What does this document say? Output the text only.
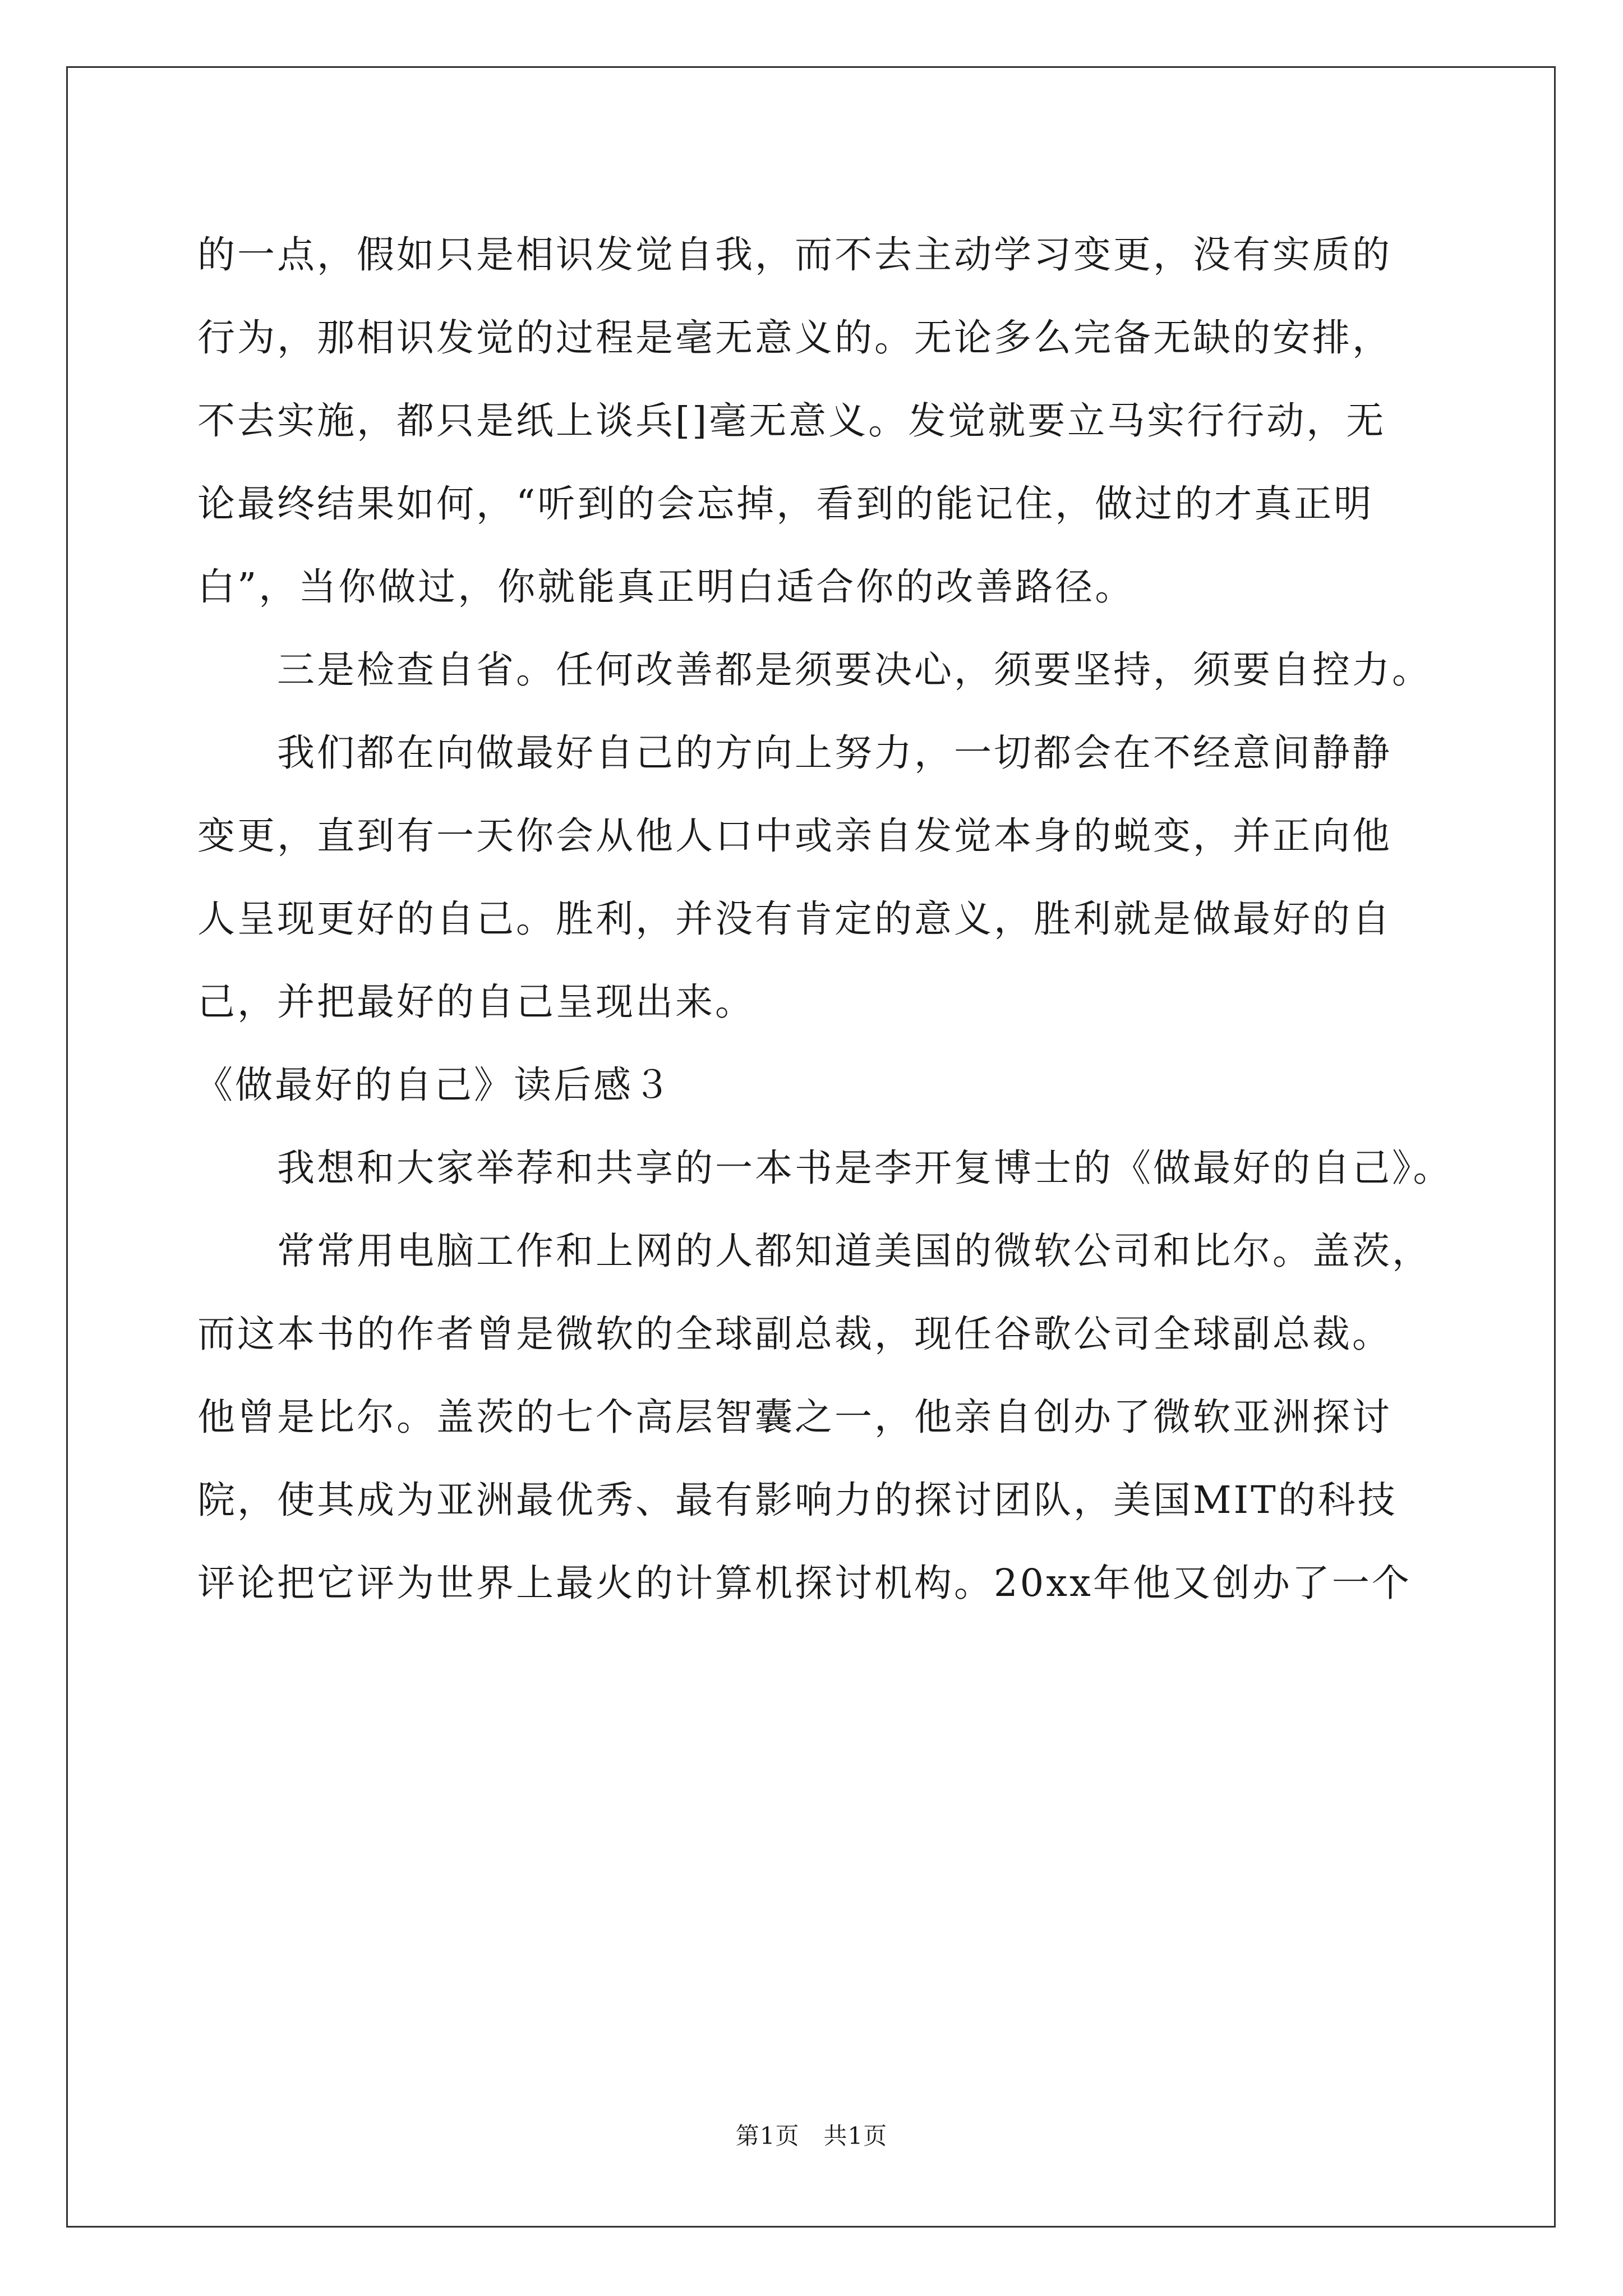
的一点，假如只是相识发觉自我，而不去主动学习变更，没有实质的
行为，那相识发觉的过程是毫无意义的。无论多么完备无缺的安排，
不去实施，都只是纸上谈兵[]毫无意义。发觉就要立马实行行动，无
论最终结果如何，“听到的会忘掉，看到的能记住，做过的才真正明
白”，当你做过，你就能真正明白适合你的改善路径。
　　三是检查自省。任何改善都是须要决心，须要坚持，须要自控力。
　　我们都在向做最好自己的方向上努力，一切都会在不经意间静静
变更，直到有一天你会从他人口中或亲自发觉本身的蜕变，并正向他
人呈现更好的自己。胜利，并没有肯定的意义，胜利就是做最好的自
己，并把最好的自己呈现出来。
《做最好的自己》读后感３
　　我想和大家举荐和共享的一本书是李开复博士的《做最好的自己》。
　　常常用电脑工作和上网的人都知道美国的微软公司和比尔。盖茨，
而这本书的作者曾是微软的全球副总裁，现任谷歌公司全球副总裁。
他曾是比尔。盖茨的七个高层智囊之一，他亲自创办了微软亚洲探讨
院，使其成为亚洲最优秀、最有影响力的探讨团队，美国MIT的科技
评论把它评为世界上最火的计算机探讨机构。20xx年他又创办了一个
第1页　共1页
